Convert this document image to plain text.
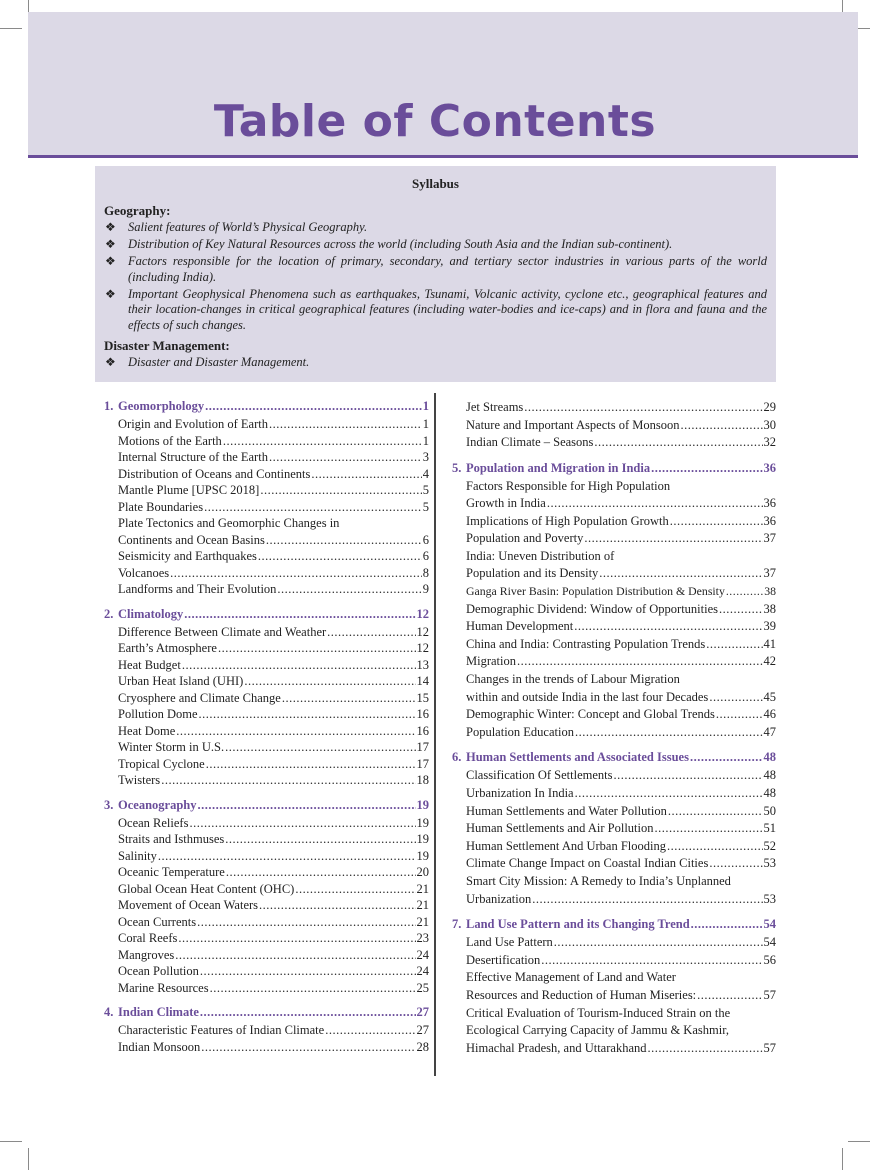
Table of Contents
Syllabus
Geography:
❖ Salient features of World’s Physical Geography.
❖ Distribution of Key Natural Resources across the world (including South Asia and the Indian sub-continent).
❖ Factors responsible for the location of primary, secondary, and tertiary sector industries in various parts of the world (including India).
❖ Important Geophysical Phenomena such as earthquakes, Tsunami, Volcanic activity, cyclone etc., geographical features and their location-changes in critical geographical features (including water-bodies and ice-caps) and in flora and fauna and the effects of such changes.
Disaster Management:
❖ Disaster and Disaster Management.
1. Geomorphology .....	1
Origin and Evolution of Earth .....	1
Motions of the Earth .....	1
Internal Structure of the Earth .....	3
Distribution of Oceans and Continents .....	4
Mantle Plume [UPSC 2018] .....	5
Plate Boundaries .....	5
Plate Tectonics and Geomorphic Changes in
Continents and Ocean Basins .....	6
Seismicity and Earthquakes .....	6
Volcanoes .....	8
Landforms and Their Evolution .....	9
2. Climatology .....	12
Difference Between Climate and Weather .....	12
Earth’s Atmosphere .....	12
Heat Budget .....	13
Urban Heat Island (UHI) .....	14
Cryosphere and Climate Change .....	15
Pollution Dome .....	16
Heat Dome .....	16
Winter Storm in U.S. .....	17
Tropical Cyclone .....	17
Twisters .....	18
3. Oceanography .....	19
Ocean Reliefs .....	19
Straits and Isthmuses .....	19
Salinity .....	19
Oceanic Temperature .....	20
Global Ocean Heat Content (OHC) .....	21
Movement of Ocean Waters .....	21
Ocean Currents .....	21
Coral Reefs .....	23
Mangroves .....	24
Ocean Pollution .....	24
Marine Resources .....	25
4. Indian Climate .....	27
Characteristic Features of Indian Climate .....	27
Indian Monsoon .....	28
Jet Streams .....	29
Nature and Important Aspects of Monsoon .....	30
Indian Climate – Seasons .....	32
5. Population and Migration in India .....	36
Factors Responsible for High Population
Growth in India .....	36
Implications of High Population Growth .....	36
Population and Poverty .....	37
India: Uneven Distribution of
Population and its Density .....	37
Ganga River Basin: Population Distribution & Density .....	38
Demographic Dividend: Window of Opportunities .....	38
Human Development .....	39
China and India: Contrasting Population Trends .....	41
Migration .....	42
Changes in the trends of Labour Migration
within and outside India in the last four Decades .....	45
Demographic Winter: Concept and Global Trends .....	46
Population Education .....	47
6. Human Settlements and Associated Issues .....	48
Classification Of Settlements .....	48
Urbanization In India .....	48
Human Settlements and Water Pollution .....	50
Human Settlements and Air Pollution .....	51
Human Settlement And Urban Flooding .....	52
Climate Change Impact on Coastal Indian Cities .....	53
Smart City Mission: A Remedy to India’s Unplanned
Urbanization .....	53
7. Land Use Pattern and its Changing Trend .....	54
Land Use Pattern .....	54
Desertification .....	56
Effective Management of Land and Water
Resources and Reduction of Human Miseries: .....	57
Critical Evaluation of Tourism-Induced Strain on the
Ecological Carrying Capacity of Jammu & Kashmir,
Himachal Pradesh, and Uttarakhand .....	57
